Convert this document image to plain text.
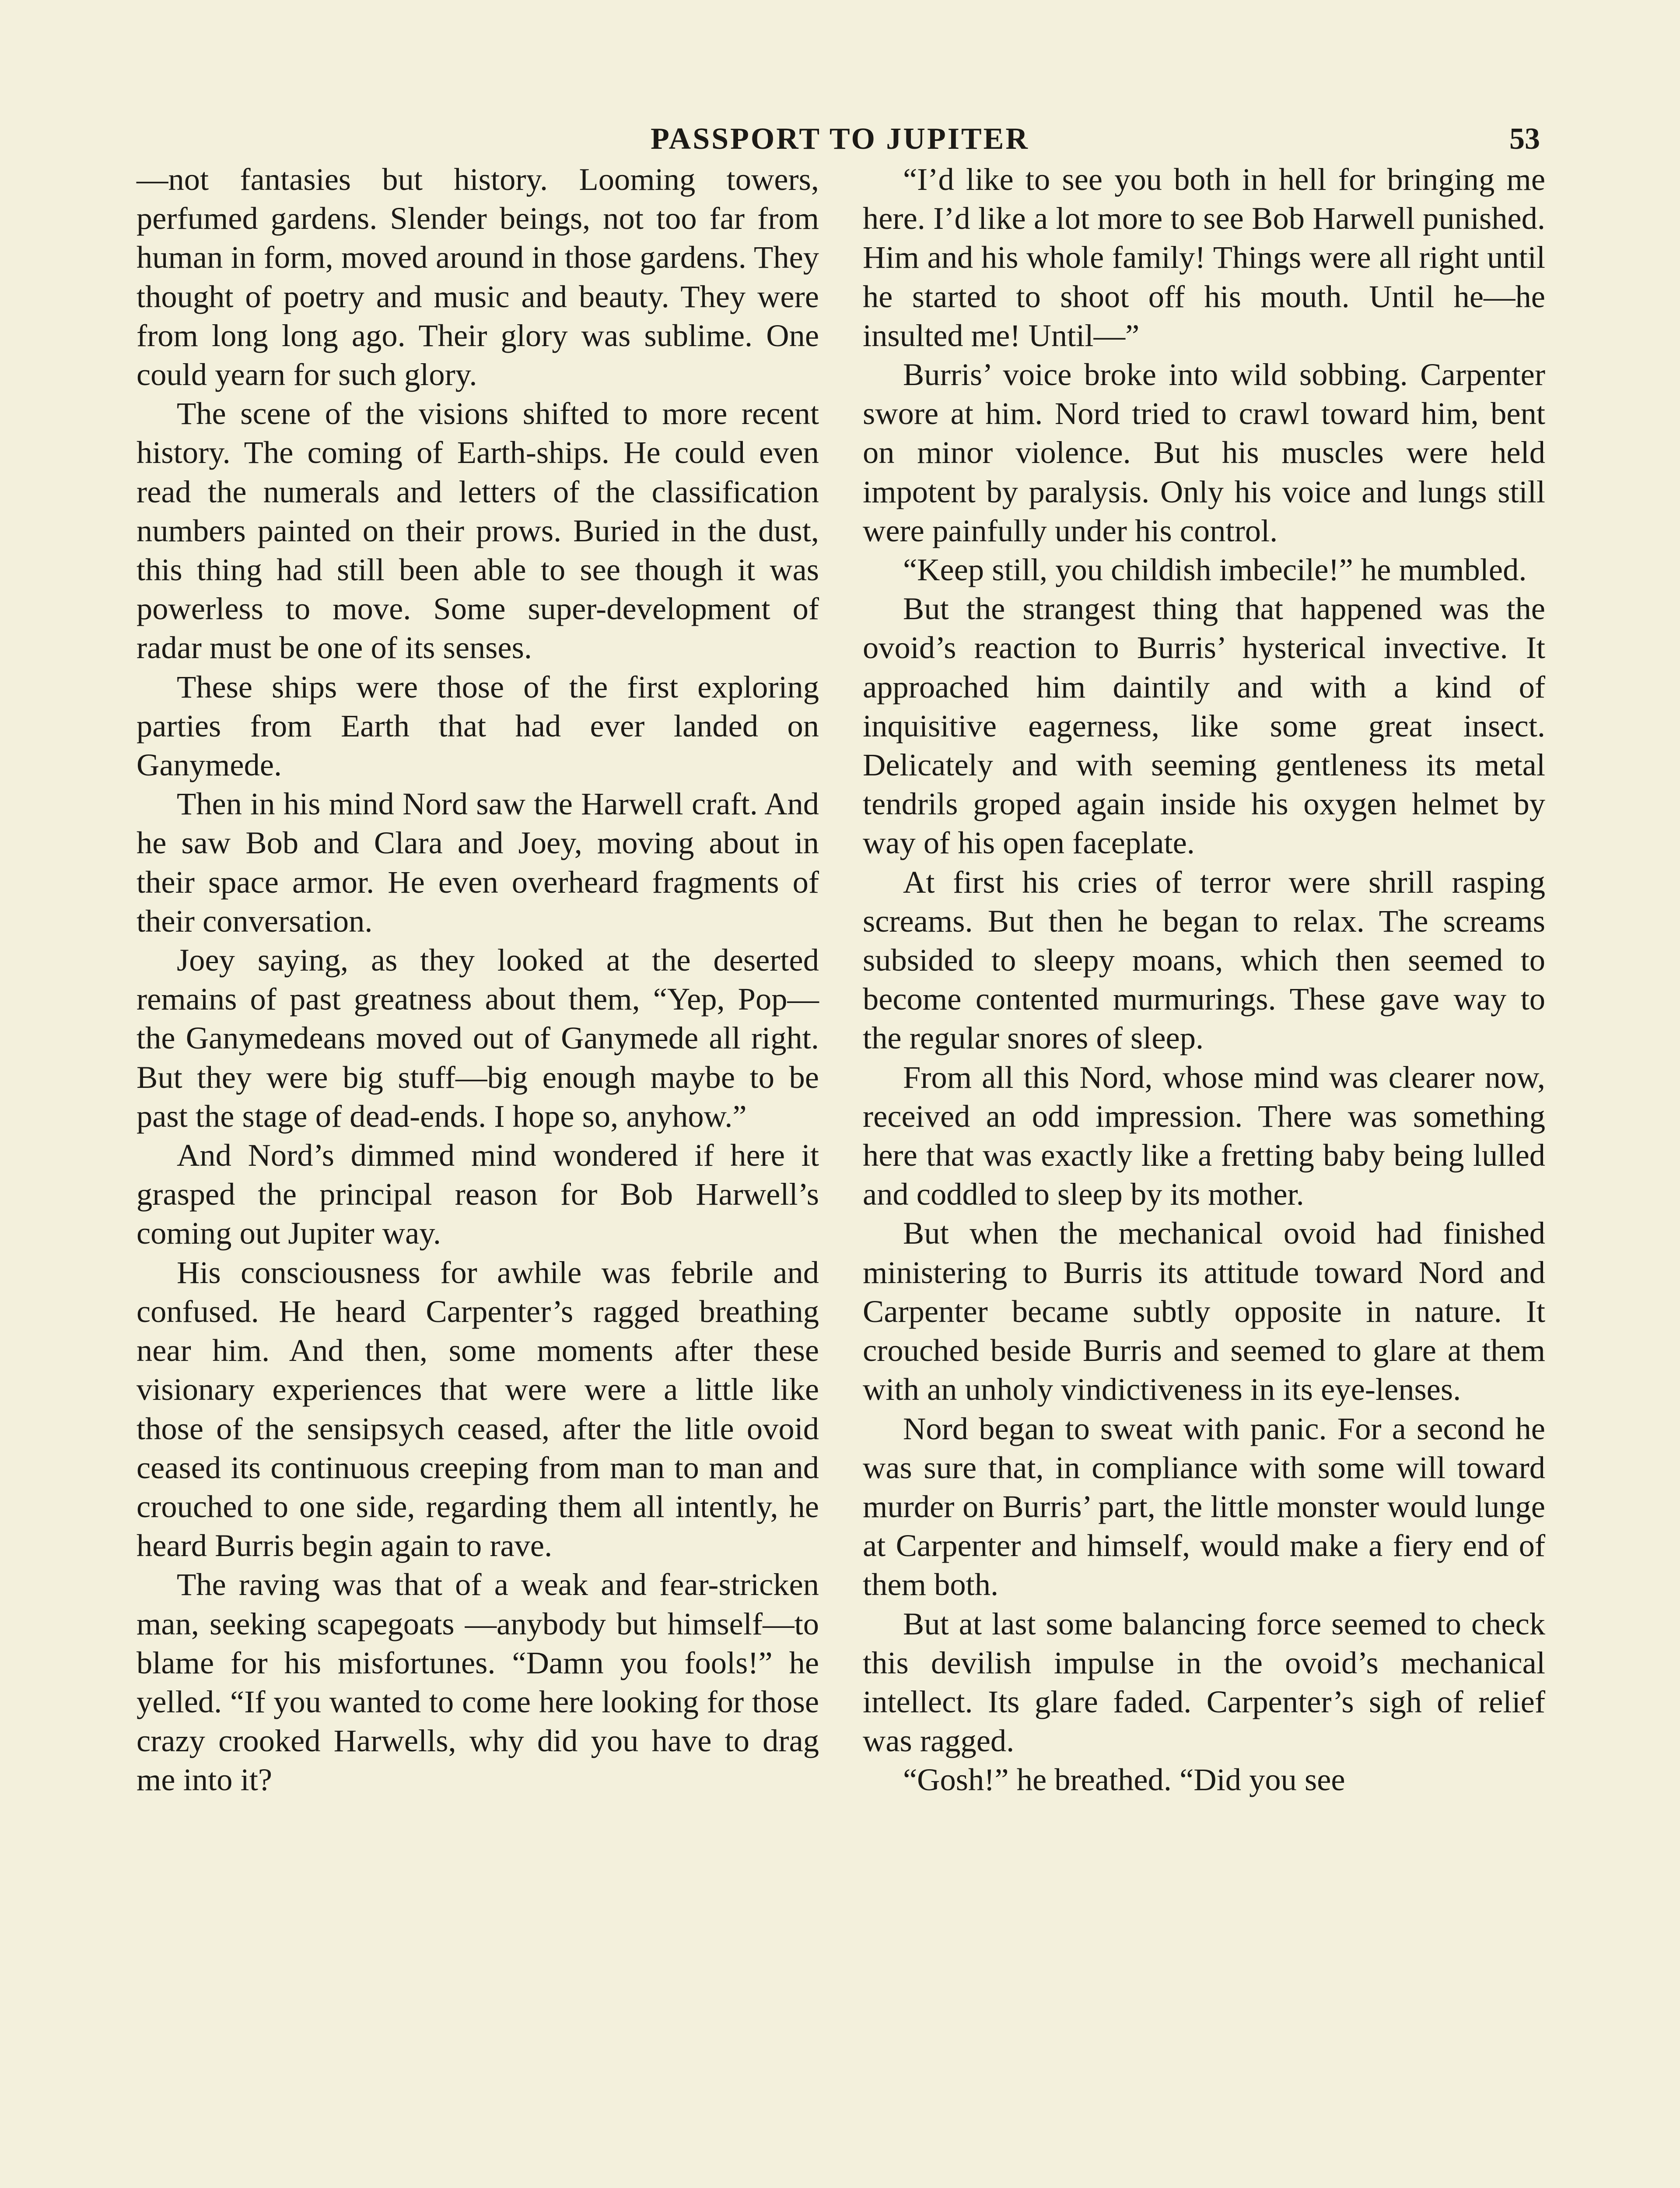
PASSPORT TO JUPITER	53

—not fantasies but history. Looming towers, perfumed gardens. Slender beings, not too far from human in form, moved around in those gardens. They thought of poetry and music and beauty. They were from long long ago. Their glory was sublime. One could yearn for such glory.

The scene of the visions shifted to more recent history. The coming of Earth-ships. He could even read the numerals and letters of the classification numbers painted on their prows. Buried in the dust, this thing had still been able to see though it was powerless to move. Some super-development of radar must be one of its senses.

These ships were those of the first exploring parties from Earth that had ever landed on Ganymede.

Then in his mind Nord saw the Harwell craft. And he saw Bob and Clara and Joey, moving about in their space armor. He even overheard fragments of their conversation.

Joey saying, as they looked at the deserted remains of past greatness about them, “Yep, Pop—the Ganymedeans moved out of Ganymede all right. But they were big stuff—big enough maybe to be past the stage of dead-ends. I hope so, anyhow.”

And Nord’s dimmed mind wondered if here it grasped the principal reason for Bob Harwell’s coming out Jupiter way.

His consciousness for awhile was febrile and confused. He heard Carpenter’s ragged breathing near him. And then, some moments after these visionary experiences that were were a little like those of the sensipsych ceased, after the litle ovoid ceased its continuous creeping from man to man and crouched to one side, regarding them all intently, he heard Burris begin again to rave.

The raving was that of a weak and fear-stricken man, seeking scapegoats —anybody but himself—to blame for his misfortunes. “Damn you fools!” he yelled. “If you wanted to come here looking for those crazy crooked Harwells, why did you have to drag me into it?

“I’d like to see you both in hell for bringing me here. I’d like a lot more to see Bob Harwell punished. Him and his whole family! Things were all right until he started to shoot off his mouth. Until he—he insulted me! Until—”

Burris’ voice broke into wild sobbing. Carpenter swore at him. Nord tried to crawl toward him, bent on minor violence. But his muscles were held impotent by paralysis. Only his voice and lungs still were painfully under his control.

“Keep still, you childish imbecile!” he mumbled.

But the strangest thing that happened was the ovoid’s reaction to Burris’ hysterical invective. It approached him daintily and with a kind of inquisitive eagerness, like some great insect. Delicately and with seeming gentleness its metal tendrils groped again inside his oxygen helmet by way of his open faceplate.

At first his cries of terror were shrill rasping screams. But then he began to relax. The screams subsided to sleepy moans, which then seemed to become contented murmurings. These gave way to the regular snores of sleep.

From all this Nord, whose mind was clearer now, received an odd impression. There was something here that was exactly like a fretting baby being lulled and coddled to sleep by its mother.

But when the mechanical ovoid had finished ministering to Burris its attitude toward Nord and Carpenter became subtly opposite in nature. It crouched beside Burris and seemed to glare at them with an unholy vindictiveness in its eye-lenses.

Nord began to sweat with panic. For a second he was sure that, in compliance with some will toward murder on Burris’ part, the little monster would lunge at Carpenter and himself, would make a fiery end of them both.

But at last some balancing force seemed to check this devilish impulse in the ovoid’s mechanical intellect. Its glare faded. Carpenter’s sigh of relief was ragged.

“Gosh!” he breathed. “Did you see
